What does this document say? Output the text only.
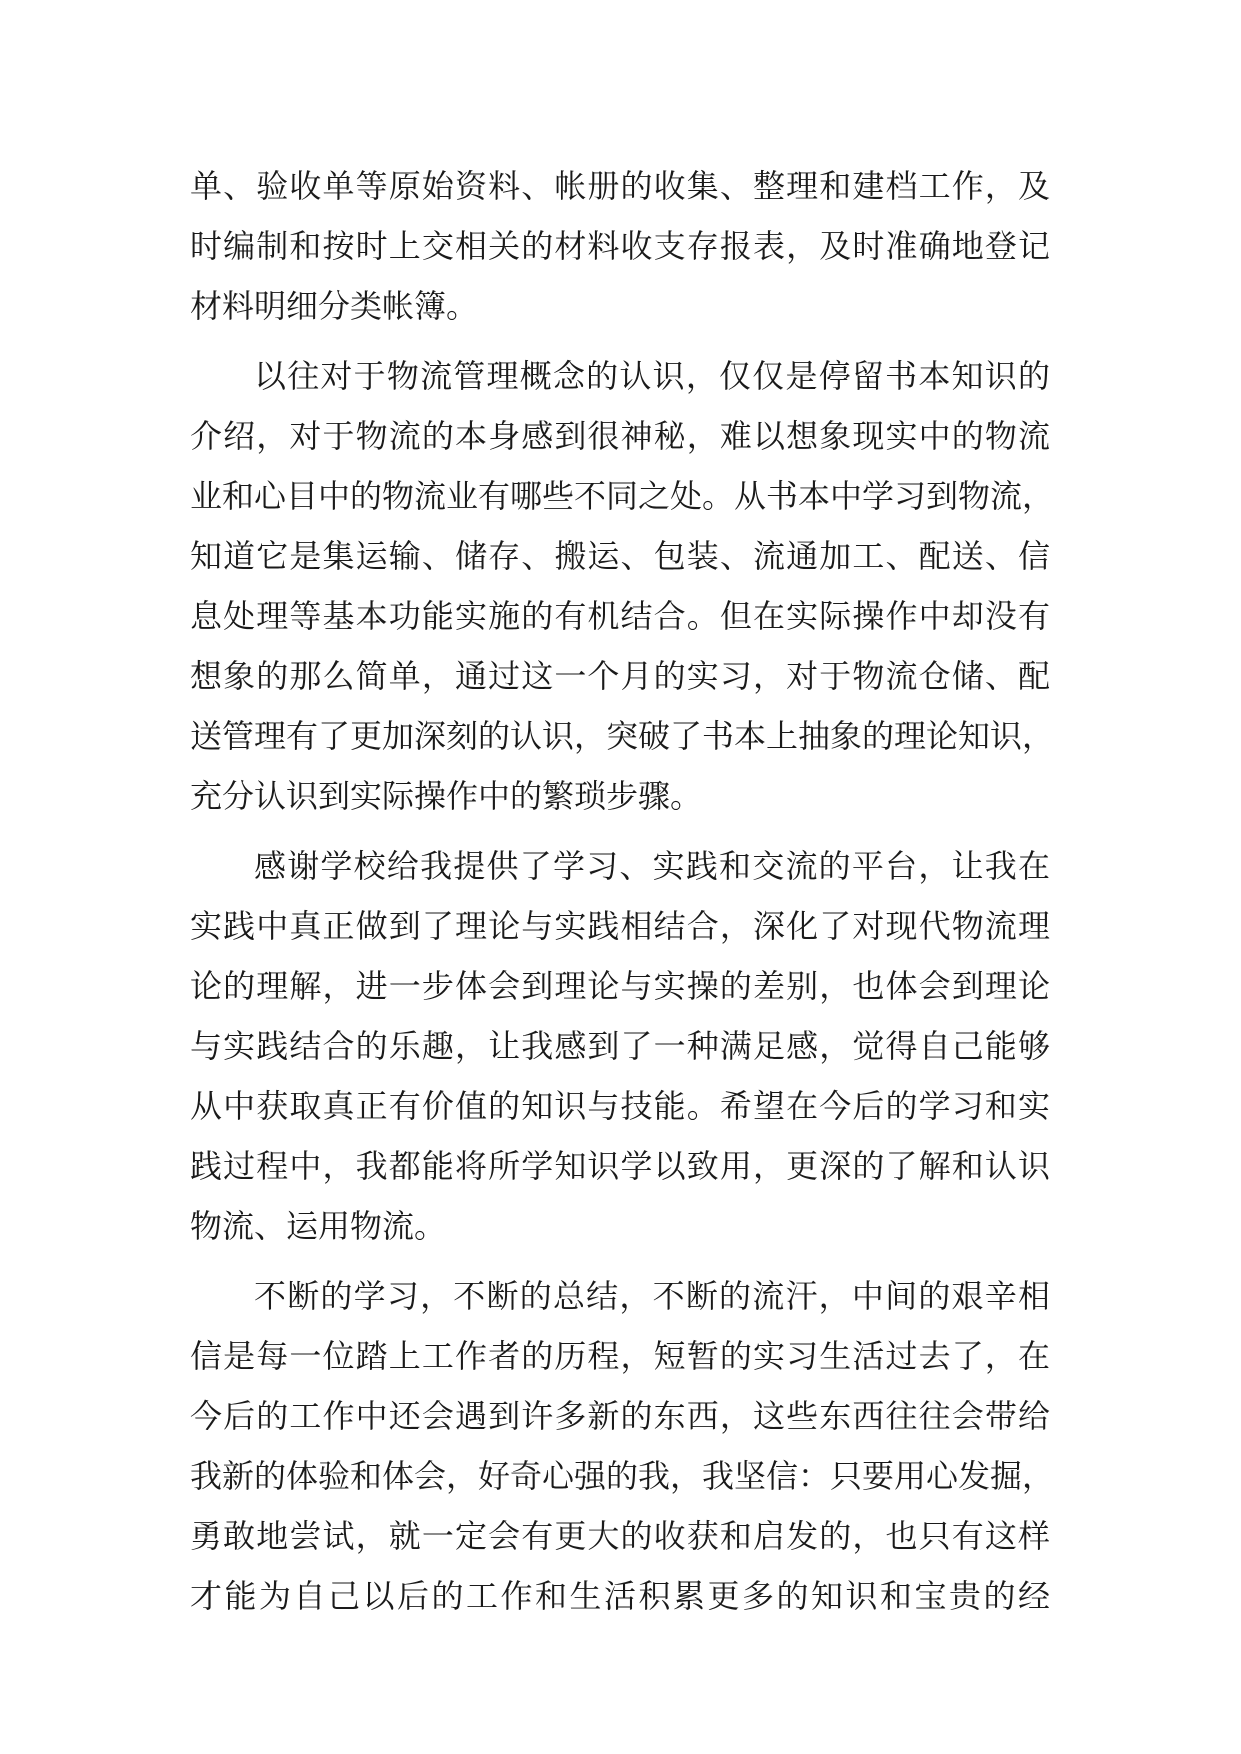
单、验收单等原始资料、帐册的收集、整理和建档工作，及
时编制和按时上交相关的材料收支存报表，及时准确地登记
材料明细分类帐簿。
以往对于物流管理概念的认识，仅仅是停留书本知识的
介绍，对于物流的本身感到很神秘，难以想象现实中的物流
业和心目中的物流业有哪些不同之处。从书本中学习到物流，
知道它是集运输、储存、搬运、包装、流通加工、配送、信
息处理等基本功能实施的有机结合。但在实际操作中却没有
想象的那么简单，通过这一个月的实习，对于物流仓储、配
送管理有了更加深刻的认识，突破了书本上抽象的理论知识，
充分认识到实际操作中的繁琐步骤。
感谢学校给我提供了学习、实践和交流的平台，让我在
实践中真正做到了理论与实践相结合，深化了对现代物流理
论的理解，进一步体会到理论与实操的差别，也体会到理论
与实践结合的乐趣，让我感到了一种满足感，觉得自己能够
从中获取真正有价值的知识与技能。希望在今后的学习和实
践过程中，我都能将所学知识学以致用，更深的了解和认识
物流、运用物流。
不断的学习，不断的总结，不断的流汗，中间的艰辛相
信是每一位踏上工作者的历程，短暂的实习生活过去了，在
今后的工作中还会遇到许多新的东西，这些东西往往会带给
我新的体验和体会，好奇心强的我，我坚信：只要用心发掘，
勇敢地尝试，就一定会有更大的收获和启发的，也只有这样
才能为自己以后的工作和生活积累更多的知识和宝贵的经
